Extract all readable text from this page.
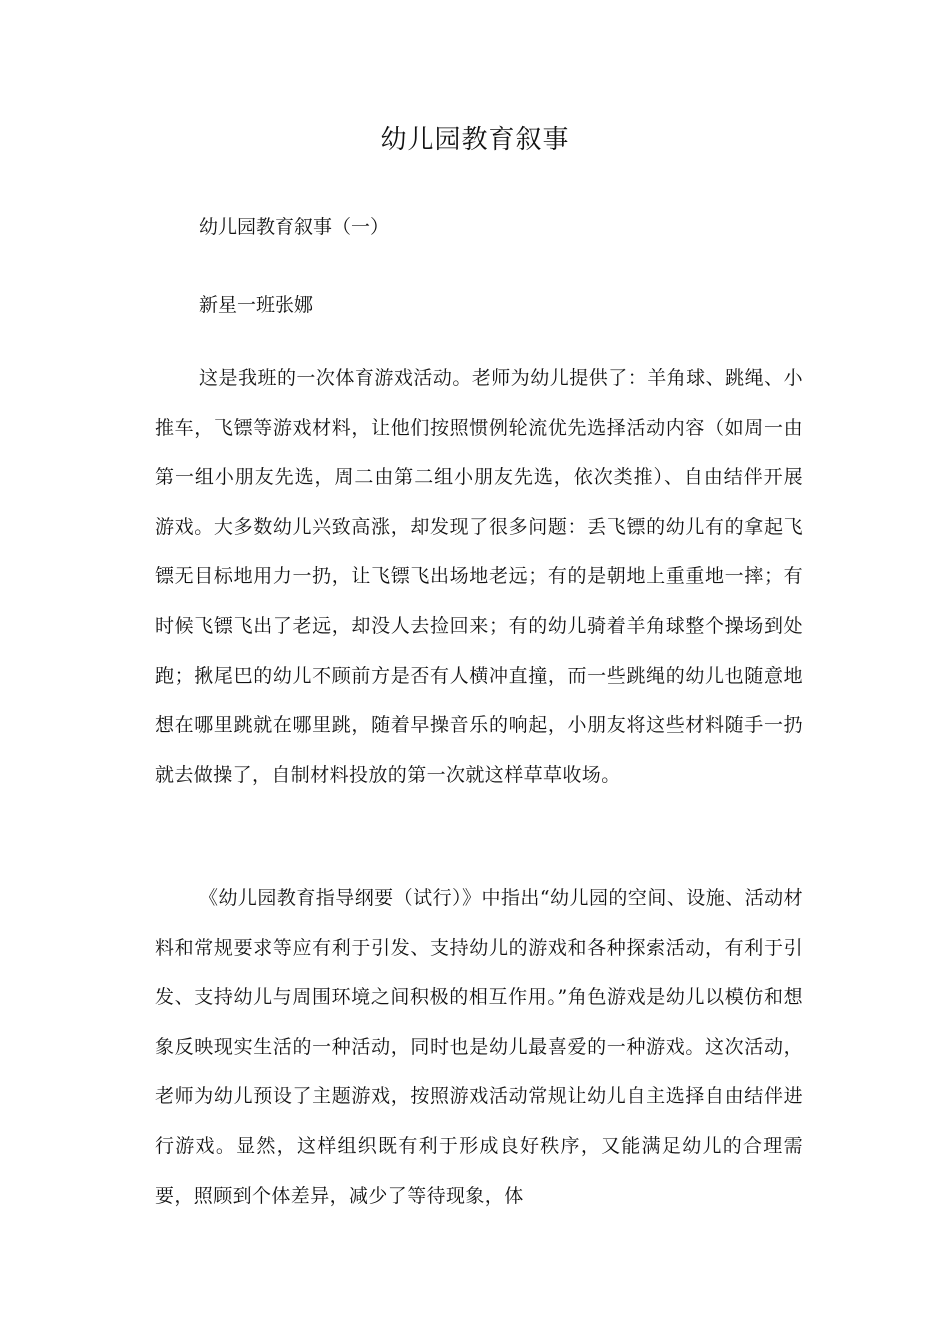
幼儿园教育叙事

幼儿园教育叙事（一）

新星一班张娜

这是我班的一次体育游戏活动。老师为幼儿提供了：羊角球、跳绳、小推车，飞镖等游戏材料，让他们按照惯例轮流优先选择活动内容（如周一由第一组小朋友先选，周二由第二组小朋友先选，依次类推）、自由结伴开展游戏。大多数幼儿兴致高涨，却发现了很多问题：丢飞镖的幼儿有的拿起飞镖无目标地用力一扔，让飞镖飞出场地老远；有的是朝地上重重地一摔；有时候飞镖飞出了老远，却没人去捡回来；有的幼儿骑着羊角球整个操场到处跑；揪尾巴的幼儿不顾前方是否有人横冲直撞，而一些跳绳的幼儿也随意地想在哪里跳就在哪里跳，随着早操音乐的响起，小朋友将这些材料随手一扔就去做操了，自制材料投放的第一次就这样草草收场。

《幼儿园教育指导纲要（试行）》中指出“幼儿园的空间、设施、活动材料和常规要求等应有利于引发、支持幼儿的游戏和各种探索活动，有利于引发、支持幼儿与周围环境之间积极的相互作用。”角色游戏是幼儿以模仿和想象反映现实生活的一种活动，同时也是幼儿最喜爱的一种游戏。这次活动，老师为幼儿预设了主题游戏，按照游戏活动常规让幼儿自主选择自由结伴进行游戏。显然，这样组织既有利于形成良好秩序，又能满足幼儿的合理需要，照顾到个体差异，减少了等待现象，体
